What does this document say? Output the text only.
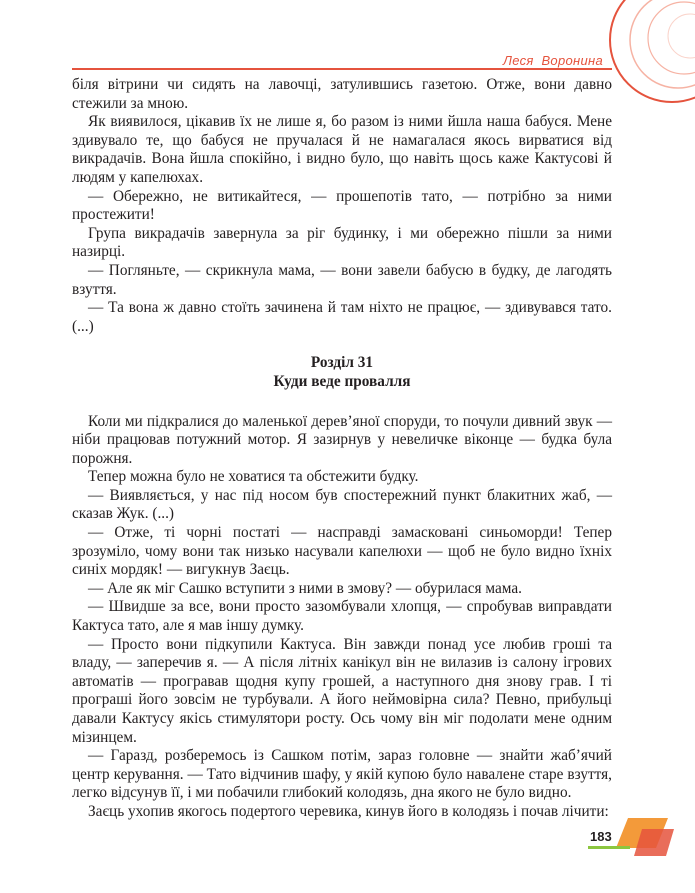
Леся  Воронина

біля вітрини чи сидять на лавочці, затулившись газетою. Отже, вони давно стежили за мною.

Як виявилося, цікавив їх не лише я, бо разом із ними йшла наша бабуся. Мене здивувало те, що бабуся не пручалася й не намагалася якось вирватися від викрадачів. Вона йшла спокійно, і видно було, що навіть щось каже Кактусові й людям у капелюхах.

— Обережно, не витикайтеся, — прошепотів тато, — потрібно за ними простежити!

Група викрадачів завернула за ріг будинку, і ми обережно пішли за ними назирці.

— Погляньте, — скрикнула мама, — вони завели бабусю в будку, де лагодять взуття.

— Та вона ж давно стоїть зачинена й там ніхто не працює, — здивувався тато. (...)

Розділ 31
Куди веде провалля

Коли ми підкралися до маленької дерев’яної споруди, то почули дивний звук — ніби працював потужний мотор. Я зазирнув у невеличке віконце — будка була порожня.

Тепер можна було не ховатися та обстежити будку.

— Виявляється, у нас під носом був спостережний пункт блакитних жаб, — сказав Жук. (...)

— Отже, ті чорні постаті — насправді замасковані синьоморди! Тепер зрозуміло, чому вони так низько насували капелюхи — щоб не було видно їхніх синіх мордяк! — вигукнув Заєць.

— Але як міг Сашко вступити з ними в змову? — обурилася мама.

— Швидше за все, вони просто зазомбували хлопця, — спробував виправдати Кактуса тато, але я мав іншу думку.

— Просто вони підкупили Кактуса. Він завжди понад усе любив гроші та владу, — заперечив я. — А після літніх канікул він не вилазив із салону ігрових автоматів — програвав щодня купу грошей, а наступного дня знову грав. І ті програші його зовсім не турбували. А його неймовірна сила? Певно, прибульці давали Кактусу якісь стимулятори росту. Ось чому він міг подолати мене одним мізинцем.

— Гаразд, розберемось із Сашком потім, зараз головне — знайти жаб’ячий центр керування. — Тато відчинив шафу, у якій купою було навалене старе взуття, легко відсунув її, і ми побачили глибокий колодязь, дна якого не було видно.

Заєць ухопив якогось подертого черевика, кинув його в колодязь і почав лічити:

183
